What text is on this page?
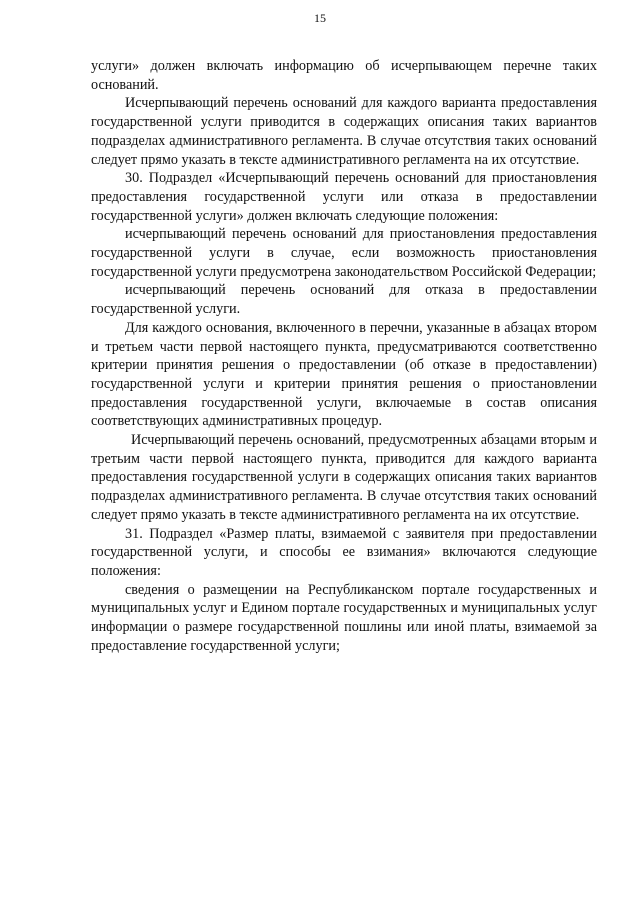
15

услуги» должен включать информацию об исчерпывающем перечне таких оснований.

Исчерпывающий перечень оснований для каждого варианта предоставления государственной услуги приводится в содержащих описания таких вариантов подразделах административного регламента. В случае отсутствия таких оснований следует прямо указать в тексте административного регламента на их отсутствие.

30. Подраздел «Исчерпывающий перечень оснований для приостановления предоставления государственной услуги или отказа в предоставлении государственной услуги» должен включать следующие положения:

исчерпывающий перечень оснований для приостановления предоставления государственной услуги в случае, если возможность приостановления государственной услуги предусмотрена законодательством Российской Федерации;

исчерпывающий перечень оснований для отказа в предоставлении государственной услуги.

Для каждого основания, включенного в перечни, указанные в абзацах втором и третьем части первой настоящего пункта, предусматриваются соответственно критерии принятия решения о предоставлении (об отказе в предоставлении) государственной услуги и критерии принятия решения о приостановлении предоставления государственной услуги, включаемые в состав описания соответствующих административных процедур.

Исчерпывающий перечень оснований, предусмотренных абзацами вторым и третьим части первой настоящего пункта, приводится для каждого варианта предоставления государственной услуги в содержащих описания таких вариантов подразделах административного регламента. В случае отсутствия таких оснований следует прямо указать в тексте административного регламента на их отсутствие.

31. Подраздел «Размер платы, взимаемой с заявителя при предоставлении государственной услуги, и способы ее взимания» включаются следующие положения:

сведения о размещении на Республиканском портале государственных и муниципальных услуг и Едином портале государственных и муниципальных услуг информации о размере государственной пошлины или иной платы, взимаемой за предоставление государственной услуги;
